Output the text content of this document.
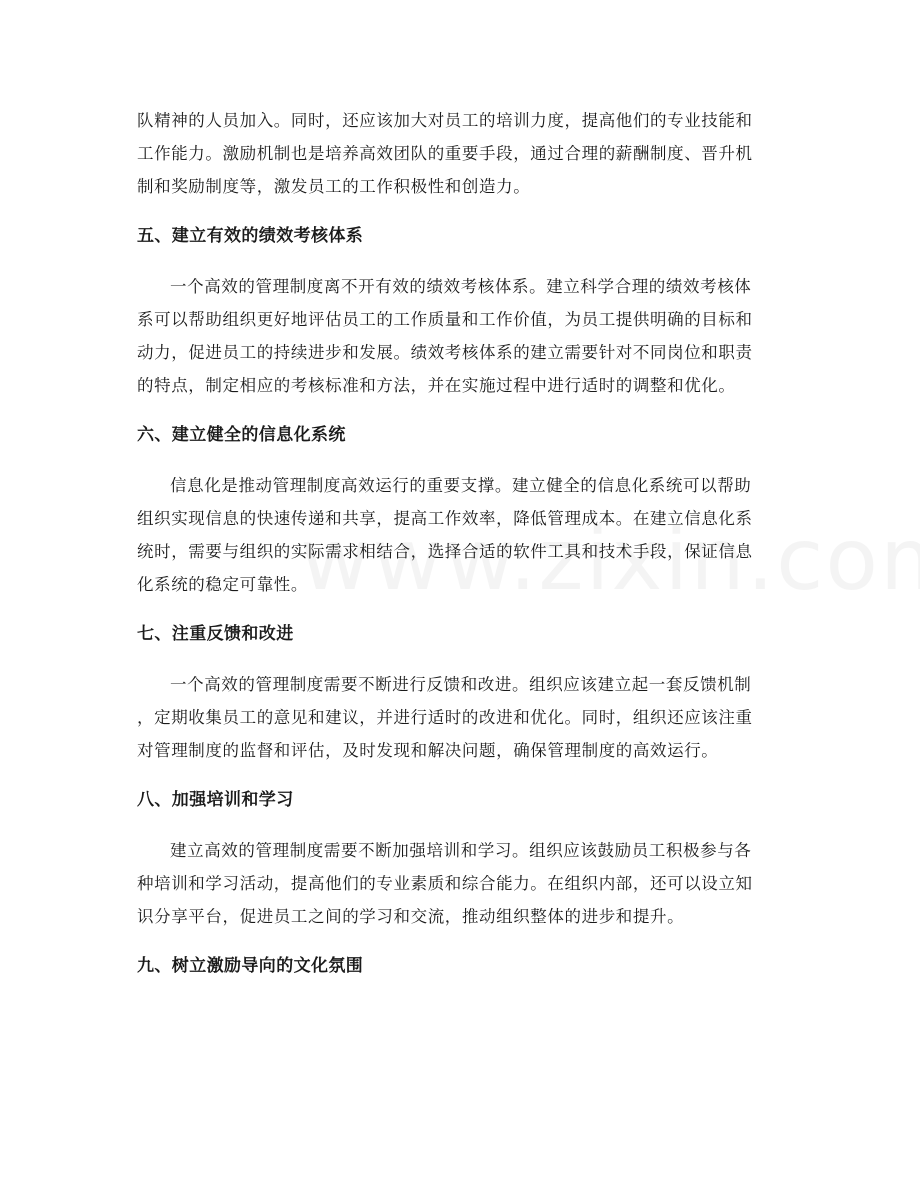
队精神的人员加入。同时，还应该加大对员工的培训力度，提高他们的专业技能和
工作能力。激励机制也是培养高效团队的重要手段，通过合理的薪酬制度、晋升机
制和奖励制度等，激发员工的工作积极性和创造力。

五、建立有效的绩效考核体系

一个高效的管理制度离不开有效的绩效考核体系。建立科学合理的绩效考核体
系可以帮助组织更好地评估员工的工作质量和工作价值，为员工提供明确的目标和
动力，促进员工的持续进步和发展。绩效考核体系的建立需要针对不同岗位和职责
的特点，制定相应的考核标准和方法，并在实施过程中进行适时的调整和优化。

六、建立健全的信息化系统

信息化是推动管理制度高效运行的重要支撑。建立健全的信息化系统可以帮助
组织实现信息的快速传递和共享，提高工作效率，降低管理成本。在建立信息化系
统时，需要与组织的实际需求相结合，选择合适的软件工具和技术手段，保证信息
化系统的稳定可靠性。

七、注重反馈和改进

一个高效的管理制度需要不断进行反馈和改进。组织应该建立起一套反馈机制
，定期收集员工的意见和建议，并进行适时的改进和优化。同时，组织还应该注重
对管理制度的监督和评估，及时发现和解决问题，确保管理制度的高效运行。

八、加强培训和学习

建立高效的管理制度需要不断加强培训和学习。组织应该鼓励员工积极参与各
种培训和学习活动，提高他们的专业素质和综合能力。在组织内部，还可以设立知
识分享平台，促进员工之间的学习和交流，推动组织整体的进步和提升。

九、树立激励导向的文化氛围
